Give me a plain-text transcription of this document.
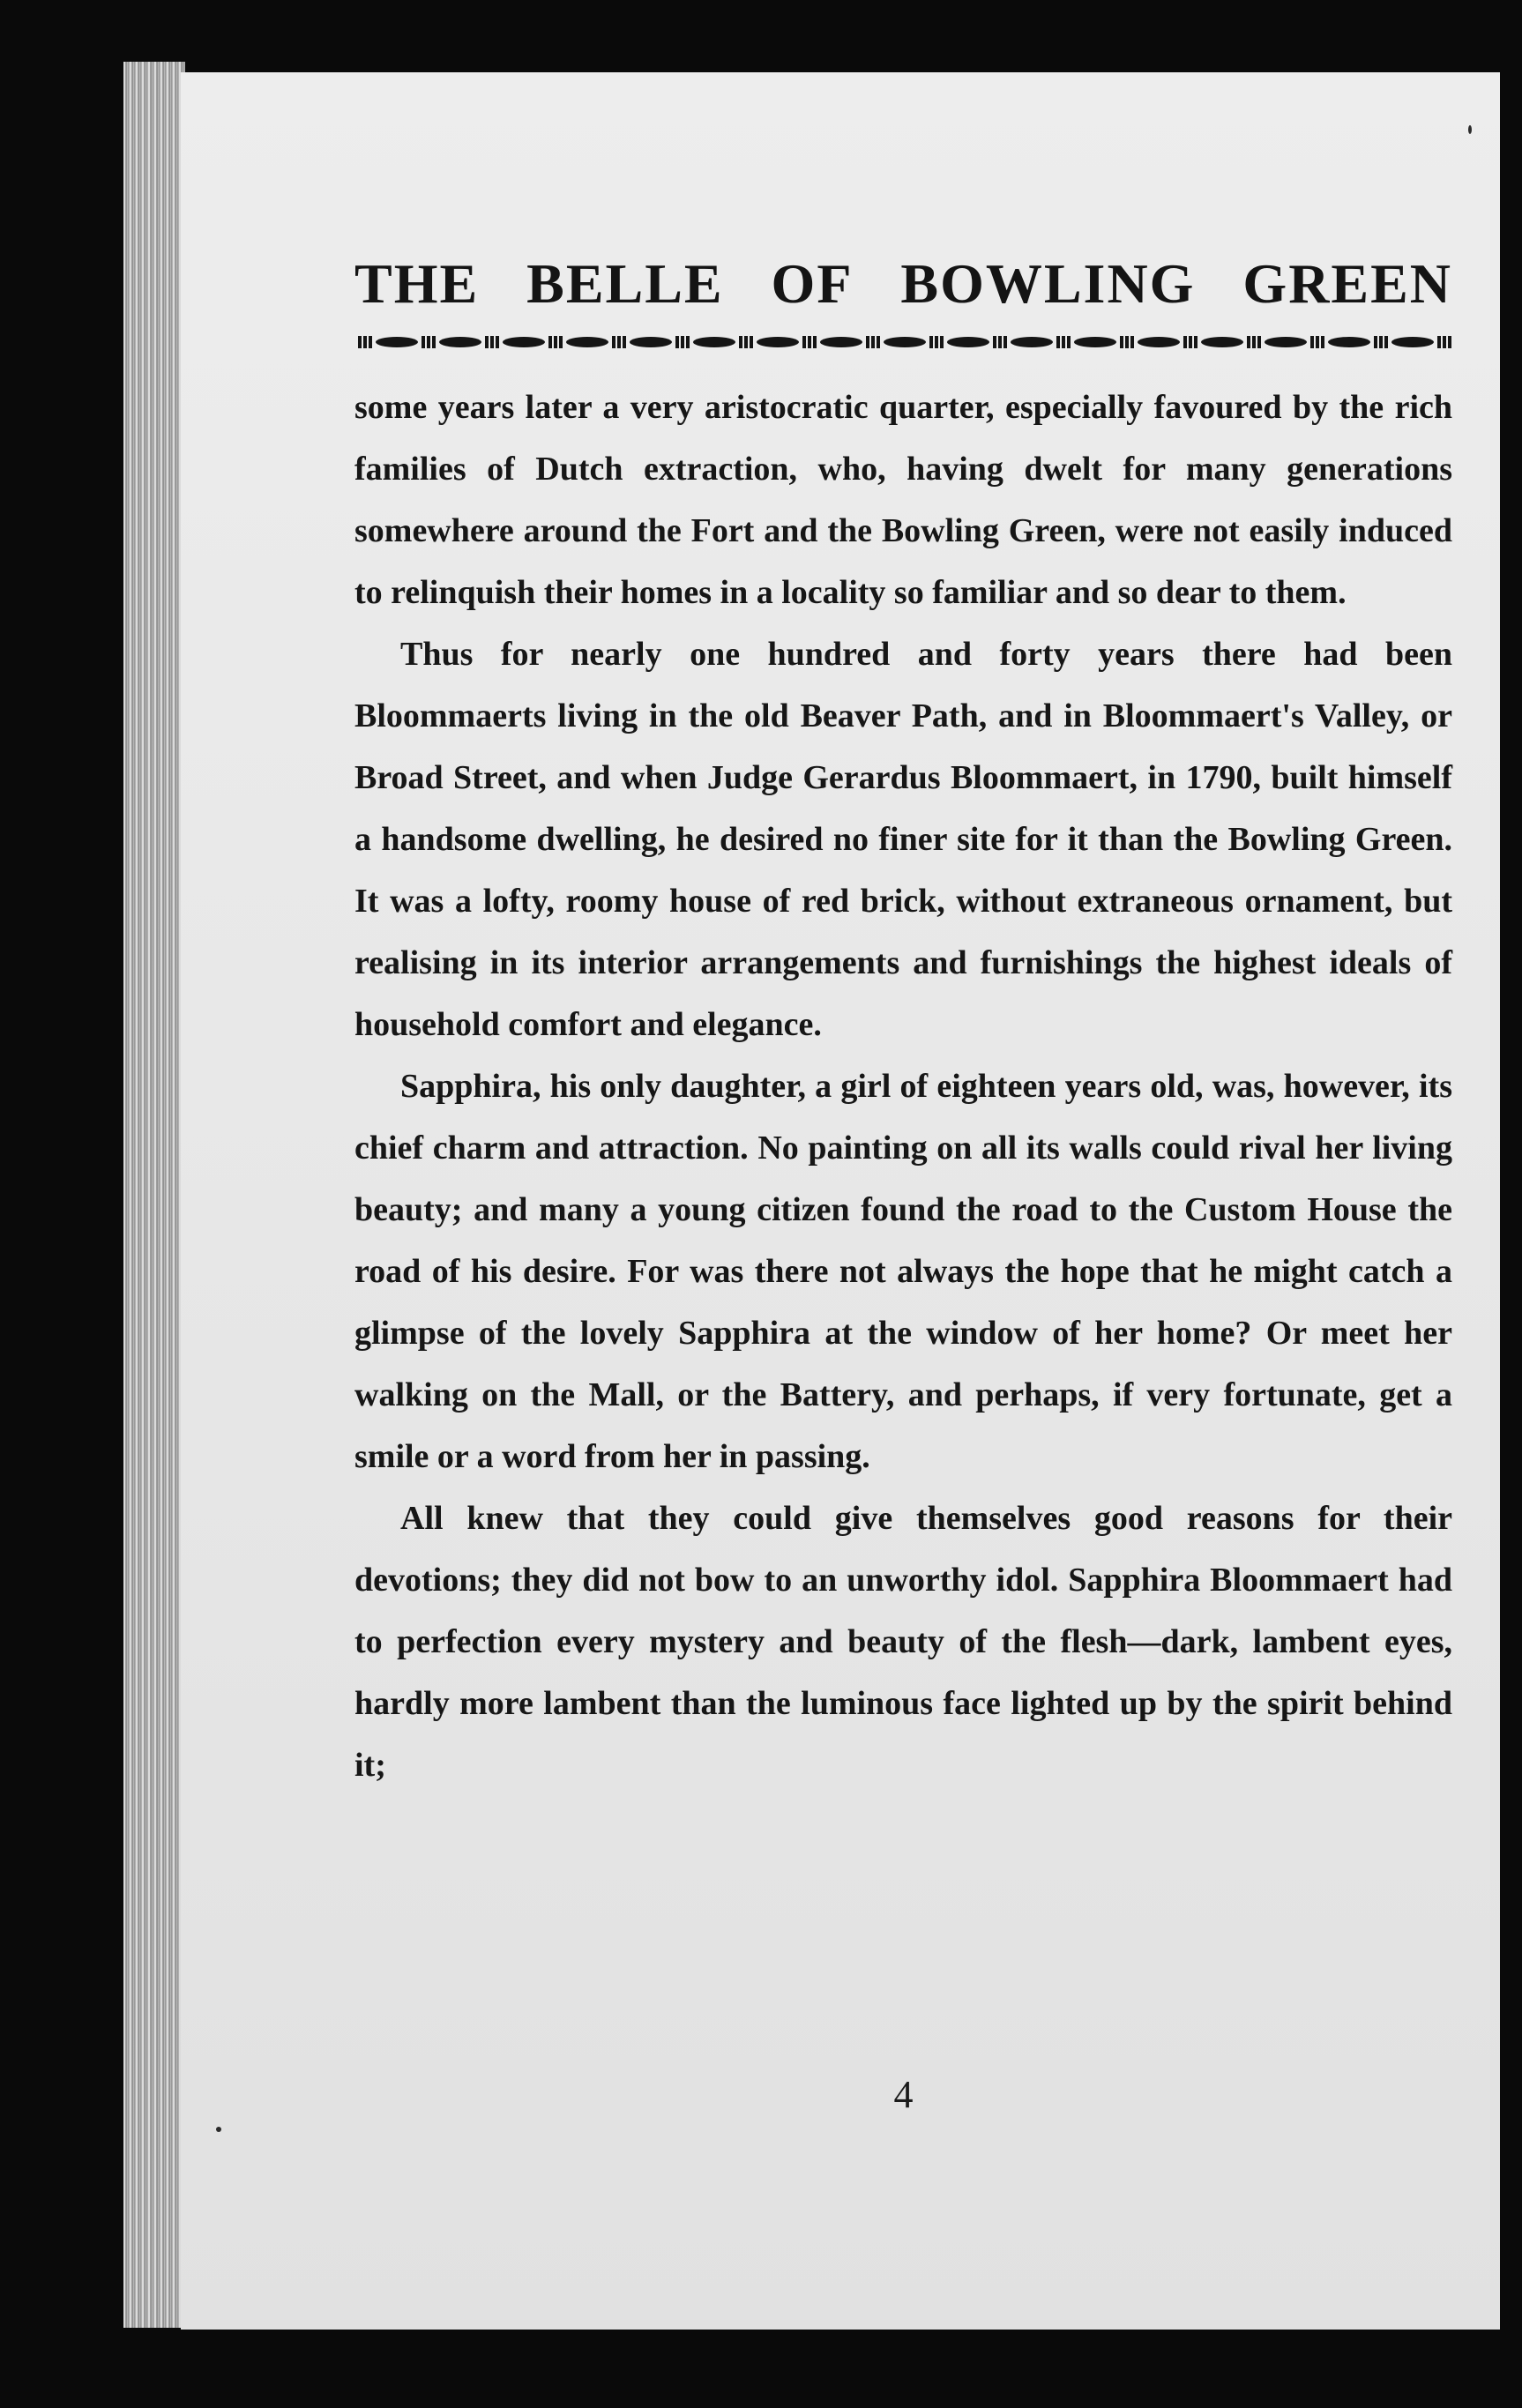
THE BELLE OF BOWLING GREEN

some years later a very aristocratic quarter, especially favoured by the rich families of Dutch extraction, who, having dwelt for many generations somewhere around the Fort and the Bowling Green, were not easily induced to relinquish their homes in a locality so familiar and so dear to them.

Thus for nearly one hundred and forty years there had been Bloommaerts living in the old Beaver Path, and in Bloommaert's Valley, or Broad Street, and when Judge Gerardus Bloommaert, in 1790, built himself a handsome dwelling, he desired no finer site for it than the Bowling Green. It was a lofty, roomy house of red brick, without extraneous ornament, but realising in its interior arrangements and furnishings the highest ideals of household comfort and elegance.

Sapphira, his only daughter, a girl of eighteen years old, was, however, its chief charm and attraction. No painting on all its walls could rival her living beauty; and many a young citizen found the road to the Custom House the road of his desire. For was there not always the hope that he might catch a glimpse of the lovely Sapphira at the window of her home? Or meet her walking on the Mall, or the Battery, and perhaps, if very fortunate, get a smile or a word from her in passing.

All knew that they could give themselves good reasons for their devotions; they did not bow to an unworthy idol. Sapphira Bloommaert had to perfection every mystery and beauty of the flesh—dark, lambent eyes, hardly more lambent than the luminous face lighted up by the spirit behind it;

4
